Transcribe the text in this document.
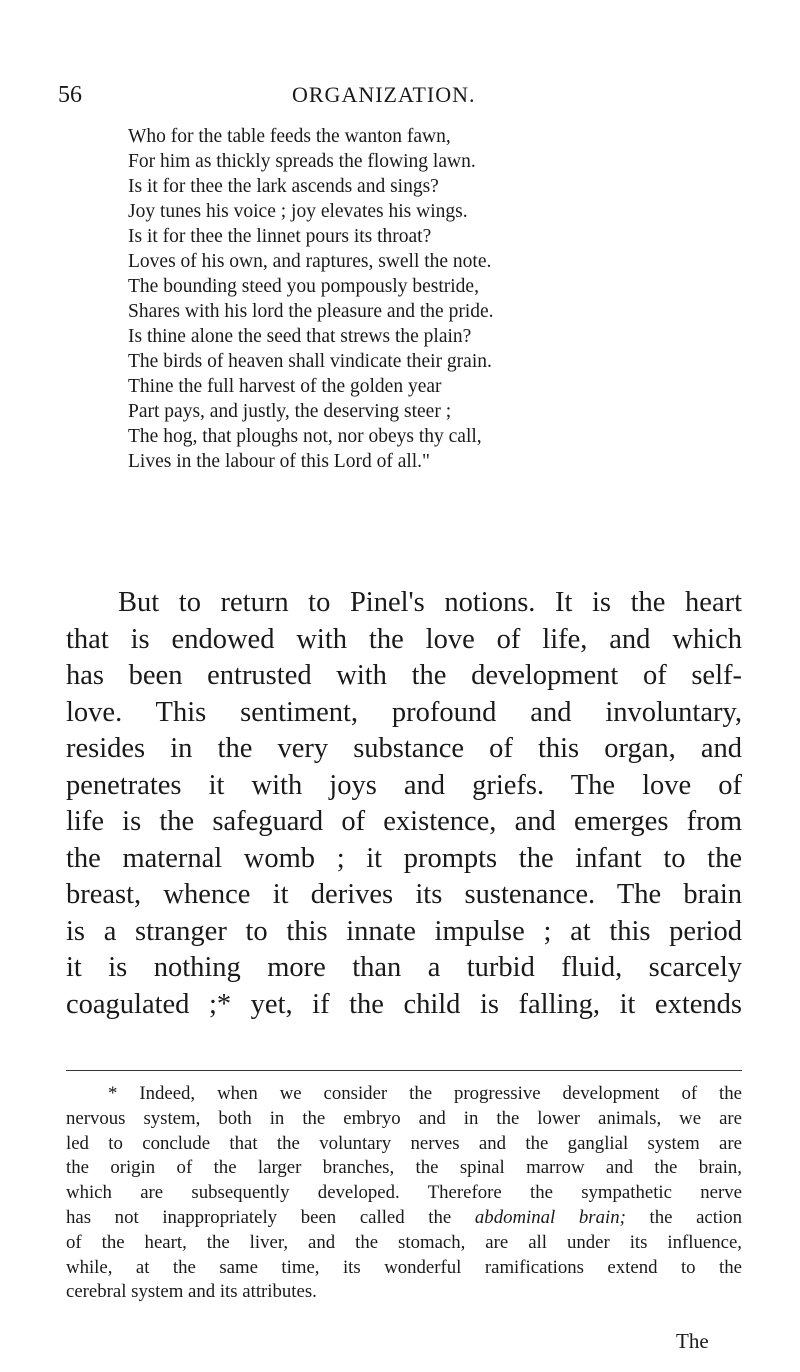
56	ORGANIZATION.
Who for the table feeds the wanton fawn,
For him as thickly spreads the flowing lawn.
Is it for thee the lark ascends and sings?
Joy tunes his voice ; joy elevates his wings.
Is it for thee the linnet pours its throat?
Loves of his own, and raptures, swell the note.
The bounding steed you pompously bestride,
Shares with his lord the pleasure and the pride.
Is thine alone the seed that strews the plain?
The birds of heaven shall vindicate their grain.
Thine the full harvest of the golden year
Part pays, and justly, the deserving steer ;
The hog, that ploughs not, nor obeys thy call,
Lives in the labour of this Lord of all."
But to return to Pinel's notions. It is the heart
that is endowed with the love of life, and which
has been entrusted with the development of self-
love. This sentiment, profound and involuntary,
resides in the very substance of this organ, and
penetrates it with joys and griefs. The love of
life is the safeguard of existence, and emerges from
the maternal womb ; it prompts the infant to the
breast, whence it derives its sustenance. The brain
is a stranger to this innate impulse ; at this period
it is nothing more than a turbid fluid, scarcely
coagulated ;* yet, if the child is falling, it extends
* Indeed, when we consider the progressive development of the
nervous system, both in the embryo and in the lower animals, we are
led to conclude that the voluntary nerves and the ganglial system are
the origin of the larger branches, the spinal marrow and the brain,
which are subsequently developed. Therefore the sympathetic nerve
has not inappropriately been called the abdominal brain; the action
of the heart, the liver, and the stomach, are all under its influence,
while, at the same time, its wonderful ramifications extend to the
cerebral system and its attributes.
The
